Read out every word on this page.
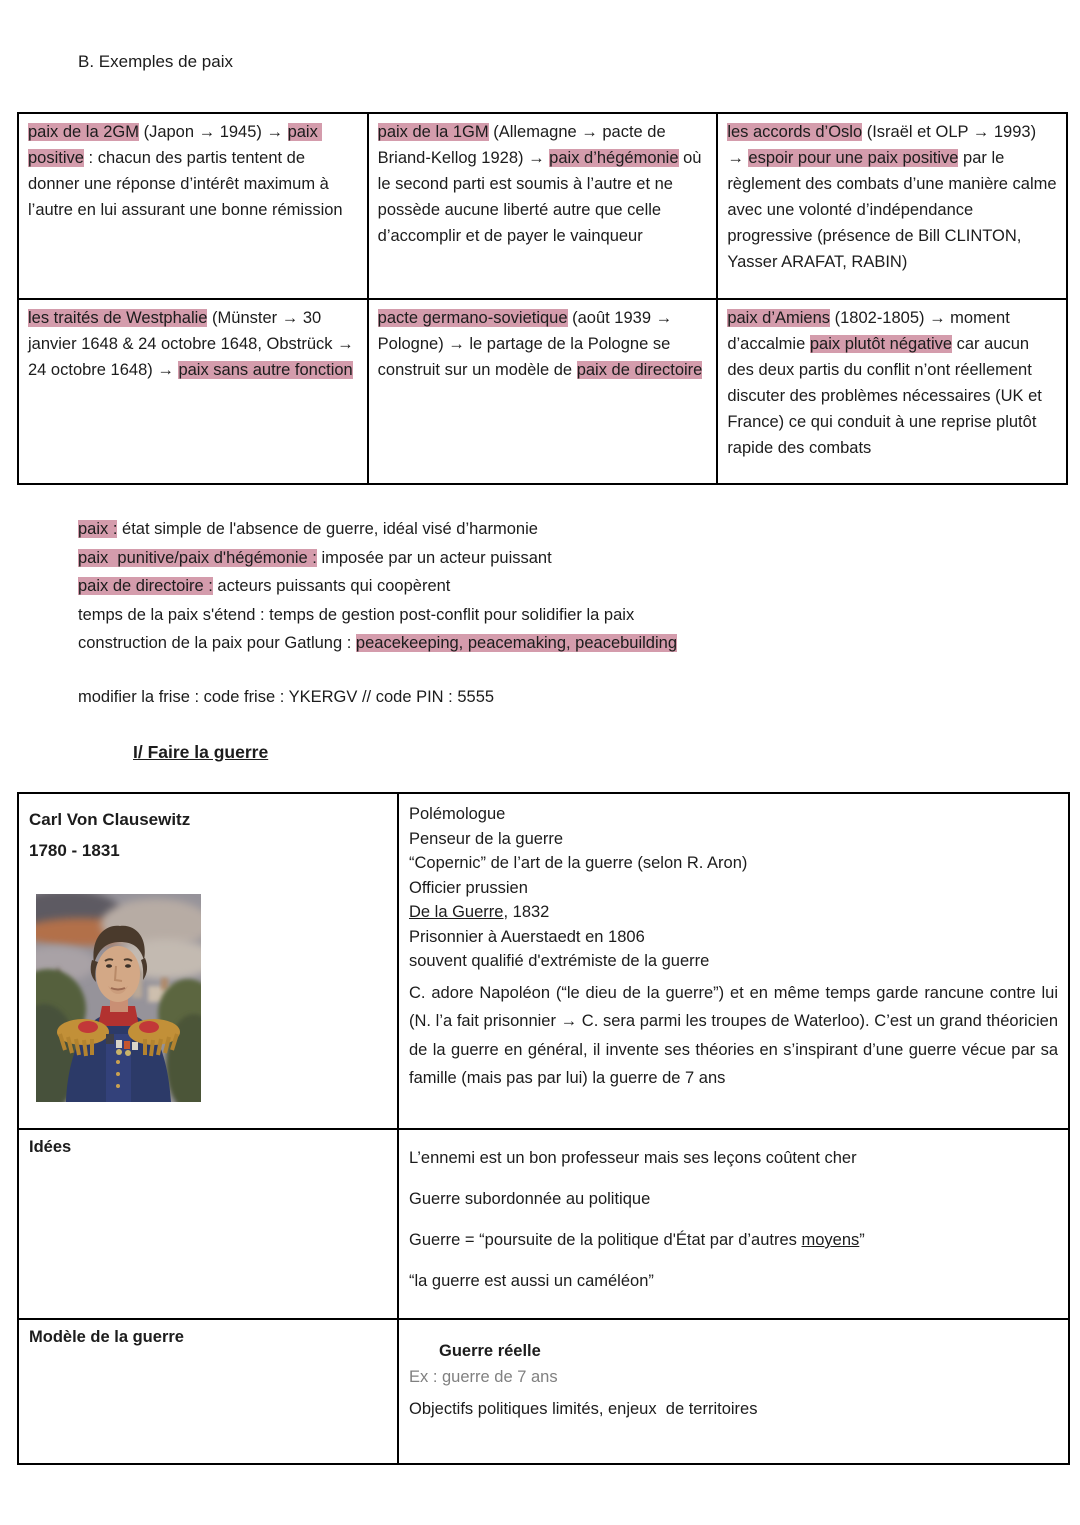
B. Exemples de paix
paix de la 2GM (Japon → 1945) → paix positive : chacun des partis tentent de donner une réponse d’intérêt maximum à l’autre en lui assurant une bonne rémission	paix de la 1GM (Allemagne → pacte de Briand-Kellog 1928) → paix d’hégémonie où le second parti est soumis à l’autre et ne possède aucune liberté autre que celle d’accomplir et de payer le vainqueur	les accords d’Oslo (Israël et OLP → 1993) → espoir pour une paix positive par le règlement des combats d’une manière calme avec une volonté d’indépendance progressive (présence de Bill CLINTON, Yasser ARAFAT, RABIN)
les traités de Westphalie (Münster → 30 janvier 1648 & 24 octobre 1648, Obstrück → 24 octobre 1648) → paix sans autre fonction	pacte germano-sovietique (août 1939 → Pologne) → le partage de la Pologne se construit sur un modèle de paix de directoire	paix d’Amiens (1802-1805) → moment d’accalmie paix plutôt négative car aucun des deux partis du conflit n’ont réellement discuter des problèmes nécessaires (UK et France) ce qui conduit à une reprise plutôt rapide des combats
paix : état simple de l'absence de guerre, idéal visé d’harmonie
paix  punitive/paix d'hégémonie : imposée par un acteur puissant
paix de directoire : acteurs puissants qui coopèrent
temps de la paix s'étend : temps de gestion post-conflit pour solidifier la paix
construction de la paix pour Gatlung : peacekeeping, peacemaking, peacebuilding
modifier la frise : code frise : YKERGV // code PIN : 5555
I/ Faire la guerre
Carl Von Clausewitz
1780 - 1831

Polémologue
Penseur de la guerre
“Copernic” de l’art de la guerre (selon R. Aron)
Officier prussien
De la Guerre, 1832
Prisonnier à Auerstaedt en 1806
souvent qualifié d'extrémiste de la guerre
C. adore Napoléon (“le dieu de la guerre”) et en même temps garde rancune contre lui (N. l’a fait prisonnier → C. sera parmi les troupes de Waterloo). C’est un grand théoricien de la guerre en général, il invente ses théories en s’inspirant d’une guerre vécue par sa famille (mais pas par lui) la guerre de 7 ans

Idées	L’ennemi est un bon professeur mais ses leçons coûtent cher
Guerre subordonnée au politique
Guerre = “poursuite de la politique d'État par d’autres moyens”
“la guerre est aussi un caméléon”

Modèle de la guerre	Guerre réelle
Ex : guerre de 7 ans
Objectifs politiques limités, enjeux  de territoires
